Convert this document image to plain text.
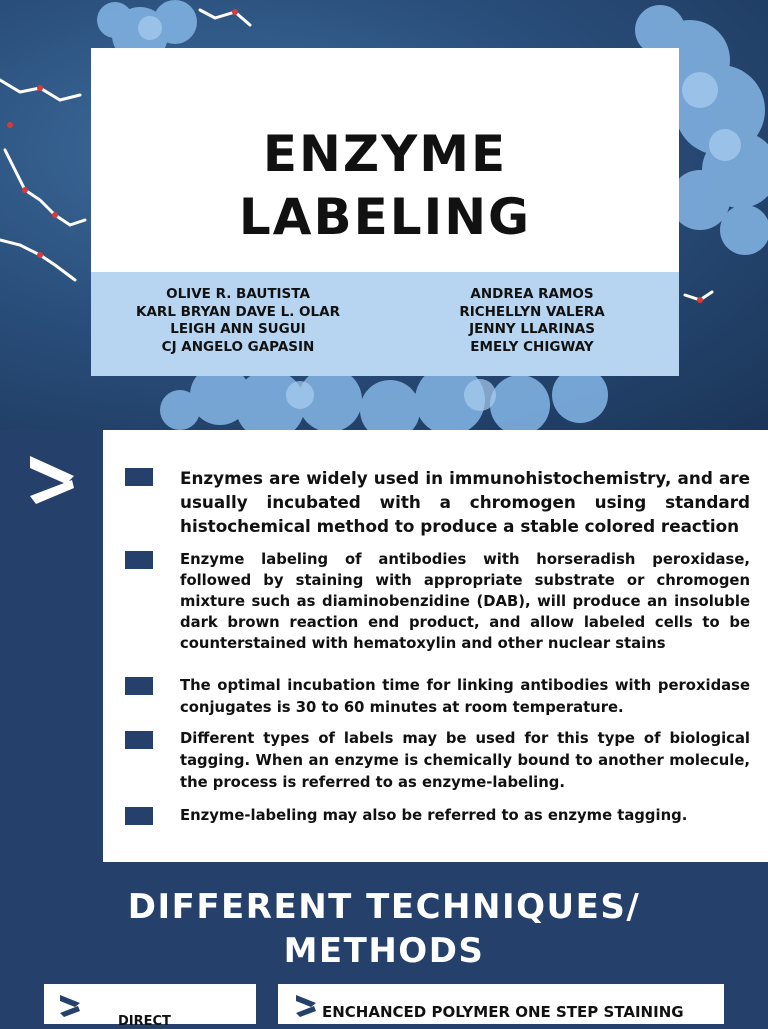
ENZYME
LABELING
OLIVE R. BAUTISTA
KARL BRYAN DAVE L. OLAR
LEIGH ANN SUGUI
CJ ANGELO GAPASIN
ANDREA RAMOS
RICHELLYN VALERA
JENNY LLARINAS
EMELY CHIGWAY
Enzymes are widely used in immunohistochemistry, and are usually incubated with a chromogen using standard histochemical method to produce a stable colored reaction
Enzyme labeling of antibodies with horseradish peroxidase, followed by staining with appropriate substrate or chromogen mixture such as diaminobenzidine (DAB), will produce an insoluble dark brown reaction end product, and allow labeled cells to be counterstained with hematoxylin and other nuclear stains
The optimal incubation time for linking antibodies with peroxidase conjugates is 30 to 60 minutes at room temperature.
Different types of labels may be used for this type of biological tagging. When an enzyme is chemically bound to another molecule, the process is referred to as enzyme-labeling.
Enzyme-labeling may also be referred to as enzyme tagging.
DIFFERENT TECHNIQUES/
METHODS
DIRECT
ENCHANCED POLYMER ONE STEP STAINING
